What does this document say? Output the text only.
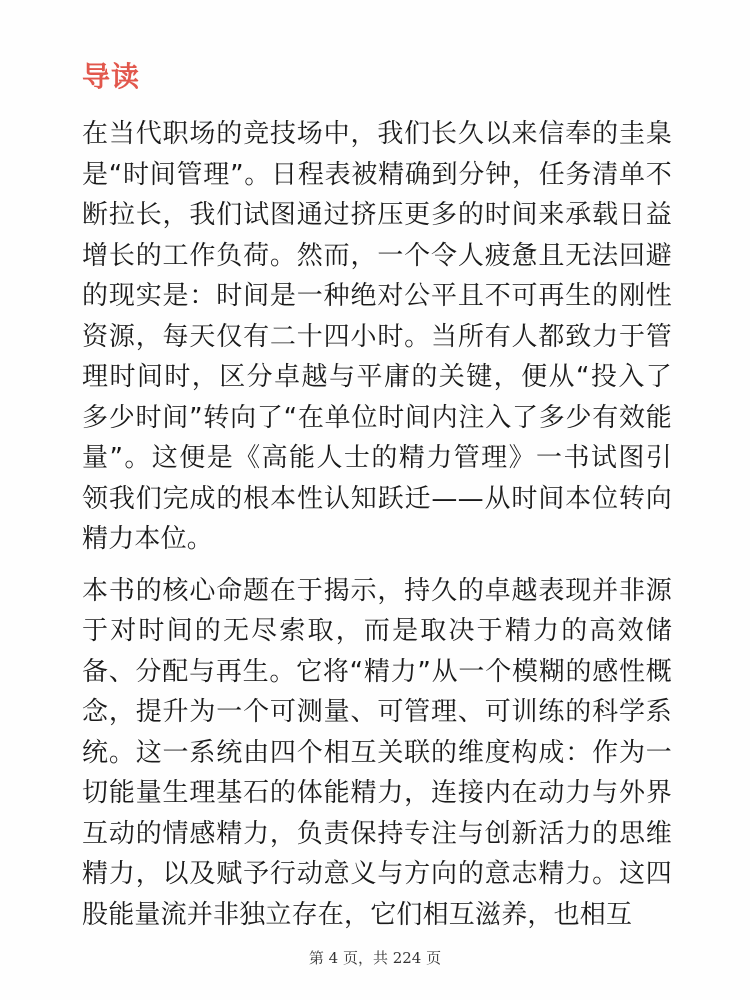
导读

在当代职场的竞技场中，我们长久以来信奉的圭臬是“时间管理”。日程表被精确到分钟，任务清单不断拉长，我们试图通过挤压更多的时间来承载日益增长的工作负荷。然而，一个令人疲惫且无法回避的现实是：时间是一种绝对公平且不可再生的刚性资源，每天仅有二十四小时。当所有人都致力于管理时间时，区分卓越与平庸的关键，便从“投入了多少时间”转向了“在单位时间内注入了多少有效能量”。这便是《高能人士的精力管理》一书试图引领我们完成的根本性认知跃迁——从时间本位转向精力本位。

本书的核心命题在于揭示，持久的卓越表现并非源于对时间的无尽索取，而是取决于精力的高效储备、分配与再生。它将“精力”从一个模糊的感性概念，提升为一个可测量、可管理、可训练的科学系统。这一系统由四个相互关联的维度构成：作为一切能量生理基石的体能精力，连接内在动力与外界互动的情感精力，负责保持专注与创新活力的思维精力，以及赋予行动意义与方向的意志精力。这四股能量流并非独立存在，它们相互滋养，也相互

第 4 页，共 224 页
